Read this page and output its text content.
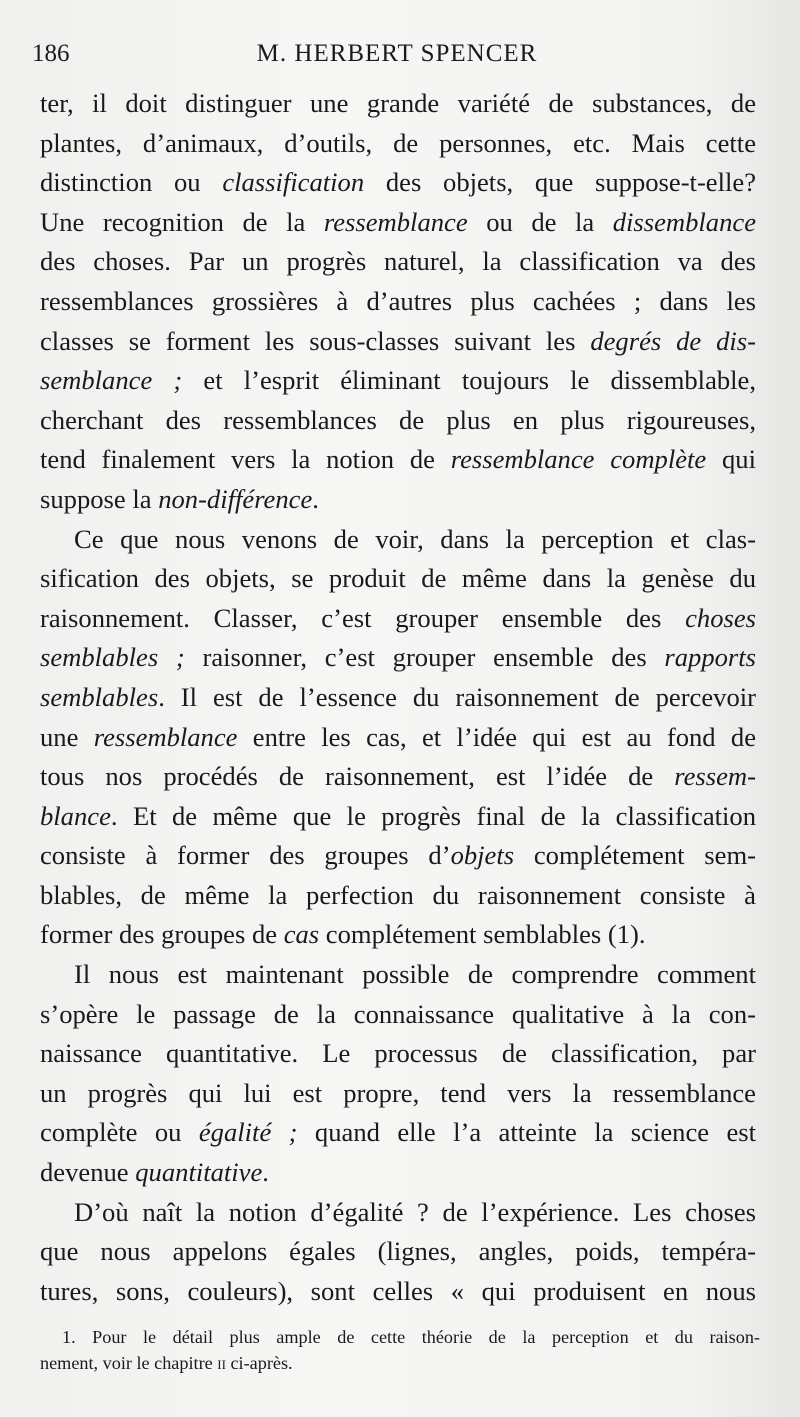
186	M. HERBERT SPENCER
ter, il doit distinguer une grande variété de substances, de
plantes, d’animaux, d’outils, de personnes, etc. Mais cette
distinction ou classification des objets, que suppose-t-elle?
Une recognition de la ressemblance ou de la dissemblance
des choses. Par un progrès naturel, la classification va des
ressemblances grossières à d’autres plus cachées ; dans les
classes se forment les sous-classes suivant les degrés de dis-
semblance ; et l’esprit éliminant toujours le dissemblable,
cherchant des ressemblances de plus en plus rigoureuses,
tend finalement vers la notion de ressemblance complète qui
suppose la non-différence.
Ce que nous venons de voir, dans la perception et clas-
sification des objets, se produit de même dans la genèse du
raisonnement. Classer, c’est grouper ensemble des choses
semblables ; raisonner, c’est grouper ensemble des rapports
semblables. Il est de l’essence du raisonnement de percevoir
une ressemblance entre les cas, et l’idée qui est au fond de
tous nos procédés de raisonnement, est l’idée de ressem-
blance. Et de même que le progrès final de la classification
consiste à former des groupes d’objets complétement sem-
blables, de même la perfection du raisonnement consiste à
former des groupes de cas complétement semblables (1).
Il nous est maintenant possible de comprendre comment
s’opère le passage de la connaissance qualitative à la con-
naissance quantitative. Le processus de classification, par
un progrès qui lui est propre, tend vers la ressemblance
complète ou égalité ; quand elle l’a atteinte la science est
devenue quantitative.
D’où naît la notion d’égalité ? de l’expérience. Les choses
que nous appelons égales (lignes, angles, poids, tempéra-
tures, sons, couleurs), sont celles « qui produisent en nous
1. Pour le détail plus ample de cette théorie de la perception et du raison-
nement, voir le chapitre ii ci-après.
